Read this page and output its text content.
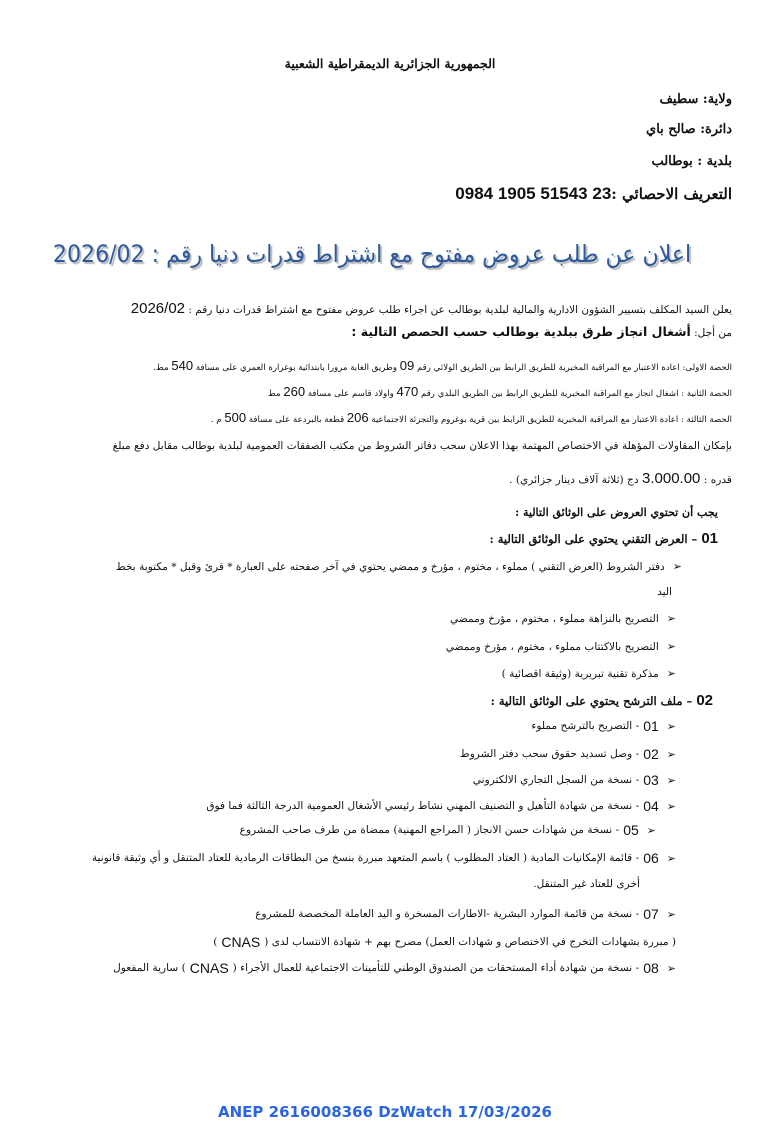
الجمهورية الجزائرية الديمقراطية الشعبية
ولاية: سطيف
دائرة: صالح باي
بلدية : بوطالب
التعريف الاحصائي :0984 1905 51543 23
اعلان عن طلب عروض مفتوح مع اشتراط قدرات دنيا رقم : 2026/02
يعلن السيد المكلف بتسيير الشؤون الادارية والمالية لبلدية بوطالب عن اجراء طلب عروض مفتوح مع اشتراط قدرات دنيا رقم : 2026/02
من أجل: أشغال انجاز طرق ببلدية بوطالب حسب الحصص التالية :
الحصة الاولى: اعادة الاعتبار مع المراقبة المخبرية للطريق الرابط بين الطريق الولائي رقم 09 وطريق الغابة مرورا بابتدائية بوغرارة العمري على مسافة 540 مط.
الحصة الثانية : اشغال انجاز مع المراقبة المخبرية للطريق الرابط بين الطريق البلدي رقم 470 واولاد قاسم على مسافة 260 مط
الحصة الثالثة : اعادة الاعتبار مع المراقبة المخبرية للطريق الرابط بين قرية بوغروم والتجزئة الاجتماعية 206 قطعة بالبردعة على مسافة 500 م .
بإمكان المقاولات المؤهلة في الاختصاص المهتمة بهذا الاعلان سحب دفاتر الشروط من مكتب الصفقات العمومية لبلدية بوطالب مقابل دفع مبلغ
قدره : 3.000.00 دج (ثلاثة آلاف دينار جزائري) .
يجب أن تحتوي العروض على الوثائق التالية :
01 – العرض التقني يحتوي على الوثائق التالية :
➢
دفتر الشروط (العرض التقني ) مملوء ، مختوم ، مؤرخ و ممضي يحتوي في آخر صفحته على العبارة * قرئ وقبل * مكتوبة بخط
اليد
➢
التصريح بالنزاهة مملوء ، مختوم ، مؤرخ وممضي
➢
التصريح بالاكتتاب مملوء ، مختوم ، مؤرخ وممضي
➢
مذكرة تقنية تبريرية (وثيقة اقصائية )
02 – ملف الترشح يحتوي على الوثائق التالية :
➢
01
- التصريح بالترشح مملوء
➢
02
- وصل تسديد حقوق سحب دفتر الشروط
➢
03
- نسخة من السجل التجاري الالكتروني
➢
04
- نسخة من شهادة التأهيل و التصنيف المهني نشاط رئيسي الأشغال العمومية الدرجة الثالثة فما فوق
➢
05
- نسخة من شهادات حسن الانجاز ( المراجع المهنية) ممضاة من طرف صاحب المشروع
➢
06
- قائمة الإمكانيات المادية ( العتاد المطلوب ) باسم المتعهد مبررة بنسخ من البطاقات الرمادية للعتاد المتنقل و أي وثيقة قانونية
أخرى للعتاد غير المتنقل.
➢
07
- نسخة من قائمة الموارد البشرية -الاطارات المسخرة و اليد العاملة المخصصة للمشروع
( مبررة بشهادات التخرج في الاختصاص و شهادات العمل) مصرح بهم + شهادة الانتساب لدى (
CNAS
)
➢
08
- نسخة من شهادة أداء المستحقات من الصندوق الوطني للتأمينات الاجتماعية للعمال الأجراء (
CNAS
) سارية المفعول
ANEP 2616008366 DzWatch 17/03/2026
